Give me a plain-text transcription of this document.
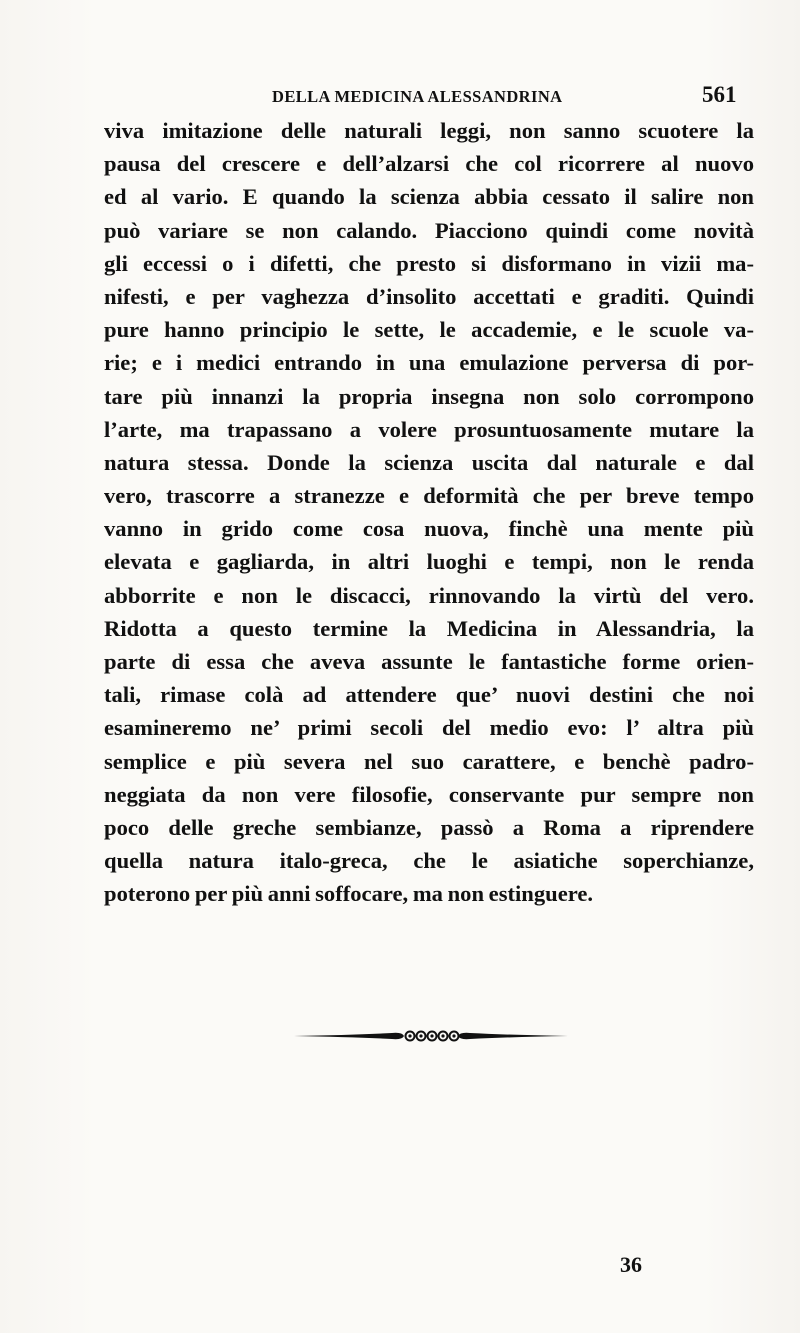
DELLA MEDICINA ALESSANDRINA	561
viva imitazione delle naturali leggi, non sanno scuotere la
pausa del crescere e dell’alzarsi che col ricorrere al nuovo
ed al vario. E quando la scienza abbia cessato il salire non
può variare se non calando. Piacciono quindi come novità
gli eccessi o i difetti, che presto si disformano in vizii ma-
nifesti, e per vaghezza d’insolito accettati e graditi. Quindi
pure hanno principio le sette, le accademie, e le scuole va-
rie; e i medici entrando in una emulazione perversa di por-
tare più innanzi la propria insegna non solo corrompono
l’arte, ma trapassano a volere prosuntuosamente mutare la
natura stessa. Donde la scienza uscita dal naturale e dal
vero, trascorre a stranezze e deformità che per breve tempo
vanno in grido come cosa nuova, finchè una mente più
elevata e gagliarda, in altri luoghi e tempi, non le renda
abborrite e non le discacci, rinnovando la virtù del vero.
Ridotta a questo termine la Medicina in Alessandria, la
parte di essa che aveva assunte le fantastiche forme orien-
tali, rimase colà ad attendere que’ nuovi destini che noi
esamineremo ne’ primi secoli del medio evo: l’ altra più
semplice e più severa nel suo carattere, e benchè padro-
neggiata da non vere filosofie, conservante pur sempre non
poco delle greche sembianze, passò a Roma a riprendere
quella natura italo-greca, che le asiatiche soperchianze,
poterono per più anni soffocare, ma non estinguere.
36
